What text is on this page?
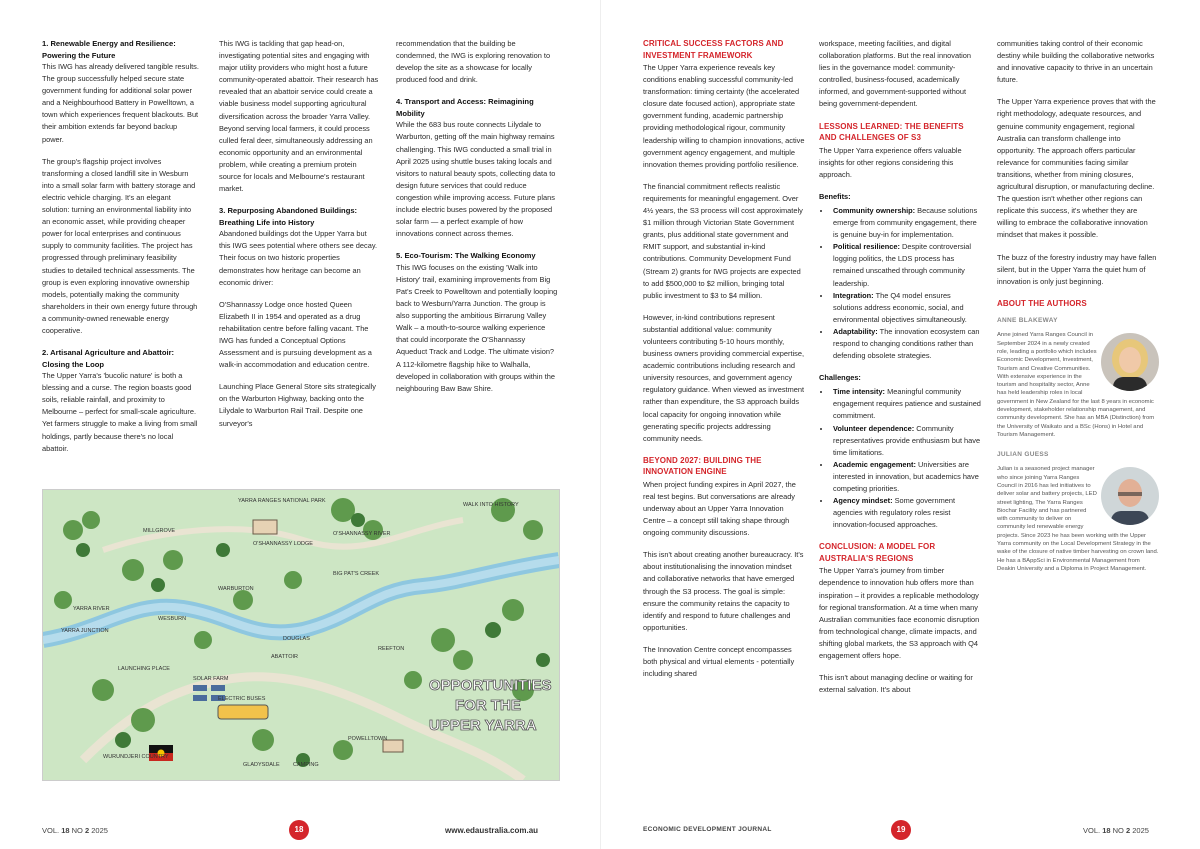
1. Renewable Energy and Resilience: Powering the Future

This IWG has already delivered tangible results. The group successfully helped secure state government funding for additional solar power and a Neighbourhood Battery in Powelltown, a town which experiences frequent blackouts. But their ambition extends far beyond backup power.

The group's flagship project involves transforming a closed landfill site in Wesburn into a small solar farm with battery storage and electric vehicle charging. It's an elegant solution: turning an environmental liability into an economic asset, while providing cheaper power for local enterprises and continuous supply to community facilities. The project has progressed through preliminary feasibility studies to detailed technical assessments. The group is even exploring innovative ownership models, potentially making the community shareholders in their own energy future through a community-owned renewable energy cooperative.

2. Artisanal Agriculture and Abattoir: Closing the Loop

The Upper Yarra's 'bucolic nature' is both a blessing and a curse. The region boasts good soils, reliable rainfall, and proximity to Melbourne – perfect for small-scale agriculture. Yet farmers struggle to make a living from small holdings, partly because there's no local abattoir.

This IWG is tackling that gap head-on, investigating potential sites and engaging with major utility providers who might host a future community-operated abattoir. Their research has revealed that an abattoir service could create a viable business model supporting agricultural diversification across the broader Yarra Valley. Beyond serving local farmers, it could process culled feral deer, simultaneously addressing an economic opportunity and an environmental problem, while creating a premium protein source for locals and Melbourne's restaurant market.

3. Repurposing Abandoned Buildings: Breathing Life into History

Abandoned buildings dot the Upper Yarra but this IWG sees potential where others see decay. Their focus on two historic properties demonstrates how heritage can become an economic driver:

O'Shannassy Lodge once hosted Queen Elizabeth II in 1954 and operated as a drug rehabilitation centre before falling vacant. The IWG has funded a Conceptual Options Assessment and is pursuing development as a walk-in accommodation and education centre.

Launching Place General Store sits strategically on the Warburton Highway, backing onto the Lilydale to Warburton Rail Trail. Despite one surveyor's

recommendation that the building be condemned, the IWG is exploring renovation to develop the site as a showcase for locally produced food and drink.

4. Transport and Access: Reimagining Mobility

While the 683 bus route connects Lilydale to Warburton, getting off the main highway remains challenging. This IWG conducted a small trial in April 2025 using shuttle buses taking locals and visitors to natural beauty spots, collecting data to design future services that could reduce congestion while improving access. Future plans include electric buses powered by the proposed solar farm — a perfect example of how innovations connect across themes.

5. Eco-Tourism: The Walking Economy

This IWG focuses on the existing 'Walk into History' trail, examining improvements from Big Pat's Creek to Powelltown and potentially looping back to Wesburn/Yarra Junction. The group is also supporting the ambitious Birrarung Valley Walk – a mouth-to-source walking experience that could incorporate the O'Shannassy Aqueduct Track and Lodge. The ultimate vision? A 112-kilometre flagship hike to Walhalla, developed in collaboration with groups within the neighbouring Baw Baw Shire.

OPPORTUNITIES
FOR THE
UPPER YARRA
YARRA RANGES NATIONAL PARK
O'SHANNASSY LODGE
O'SHANNASSY RIVER
WALK INTO HISTORY
MILLGROVE
WARBURTON
WESBURN
YARRA RIVER
YARRA JUNCTION
SOLAR FARM
ABATTOIR
ELECTRIC BUSES
POWELLTOWN
WURUNDJERI COUNTRY
LAUNCHING PLACE
BIG PAT'S CREEK
REEFTON
GLADYSDALE
DOUGLAS
CAMPING
VOL. 18 NO 2 2025	18	www.edaustralia.com.au
CRITICAL SUCCESS FACTORS AND INVESTMENT FRAMEWORK

The Upper Yarra experience reveals key conditions enabling successful community-led transformation: timing certainty (the accelerated closure date focused action), appropriate state government funding, academic partnership providing methodological rigour, community leadership willing to champion innovations, active government agency engagement, and multiple innovation themes providing portfolio resilience.

The financial commitment reflects realistic requirements for meaningful engagement. Over 4½ years, the S3 process will cost approximately $1 million through Victorian State Government grants, plus additional state government and RMIT support, and substantial in-kind contributions. Community Development Fund (Stream 2) grants for IWG projects are expected to add $500,000 to $2 million, bringing total public investment to $3 to $4 million.

However, in-kind contributions represent substantial additional value: community volunteers contributing 5-10 hours monthly, business owners providing commercial expertise, academic contributions including research and university resources, and government agency regulatory guidance. When viewed as investment rather than expenditure, the S3 approach builds local capacity for ongoing innovation while generating specific projects addressing community needs.

BEYOND 2027: BUILDING THE INNOVATION ENGINE

When project funding expires in April 2027, the real test begins. But conversations are already underway about an Upper Yarra Innovation Centre – a concept still taking shape through ongoing community discussions.

This isn't about creating another bureaucracy. It's about institutionalising the innovation mindset and collaborative networks that have emerged through the S3 process. The goal is simple: ensure the community retains the capacity to identify and respond to future challenges and opportunities.

The Innovation Centre concept encompasses both physical and virtual elements - potentially including shared

workspace, meeting facilities, and digital collaboration platforms. But the real innovation lies in the governance model: community-controlled, business-focused, academically informed, and government-supported without being government-dependent.

LESSONS LEARNED: THE BENEFITS AND CHALLENGES OF S3

The Upper Yarra experience offers valuable insights for other regions considering this approach.

Benefits:
• Community ownership: Because solutions emerge from community engagement, there is genuine buy-in for implementation.
• Political resilience: Despite controversial logging politics, the LDS process has remained unscathed through community leadership.
• Integration: The Q4 model ensures solutions address economic, social, and environmental objectives simultaneously.
• Adaptability: The innovation ecosystem can respond to changing conditions rather than defending obsolete strategies.
Challenges:
• Time intensity: Meaningful community engagement requires patience and sustained commitment.
• Volunteer dependence: Community representatives provide enthusiasm but have time limitations.
• Academic engagement: Universities are interested in innovation, but academics have competing priorities.
• Agency mindset: Some government agencies with regulatory roles resist innovation-focused approaches.
CONCLUSION: A MODEL FOR AUSTRALIA'S REGIONS

The Upper Yarra's journey from timber dependence to innovation hub offers more than inspiration – it provides a replicable methodology for regional transformation. At a time when many Australian communities face economic disruption from technological change, climate impacts, and shifting global markets, the S3 approach with Q4 engagement offers hope.

This isn't about managing decline or waiting for external salvation. It's about

communities taking control of their economic destiny while building the collaborative networks and innovative capacity to thrive in an uncertain future.

The Upper Yarra experience proves that with the right methodology, adequate resources, and genuine community engagement, regional Australia can transform challenge into opportunity. The approach offers particular relevance for communities facing similar transitions, whether from mining closures, agricultural disruption, or manufacturing decline. The question isn't whether other regions can replicate this success, it's whether they are willing to embrace the collaborative innovation mindset that makes it possible.

The buzz of the forestry industry may have fallen silent, but in the Upper Yarra the quiet hum of innovation is only just beginning.

ABOUT THE AUTHORS
ANNE BLAKEWAY
Anne joined Yarra Ranges Council in September 2024 in a newly created role, leading a portfolio which includes Economic Development, Investment, Tourism and Creative Communities. With extensive experience in the tourism and hospitality sector, Anne has held leadership roles in local government in New Zealand for the last 8 years in economic development, stakeholder relationship management, and community development. She has an MBA (Distinction) from the University of Waikato and a BSc (Hons) in Hotel and Tourism Management.
JULIAN GUESS
Julian is a seasoned project manager who since joining Yarra Ranges Council in 2016 has led initiatives to deliver solar and battery projects, LED street lighting, The Yarra Ranges Biochar Facility and has partnered with community to deliver on community led renewable energy projects. Since 2023 he has been working with the Upper Yarra community on the Local Development Strategy in the wake of the closure of native timber harvesting on crown land. He has a BAppSci in Environmental Management from Deakin University and a Diploma in Project Management.
ECONOMIC DEVELOPMENT JOURNAL	19	VOL. 18 NO 2 2025
